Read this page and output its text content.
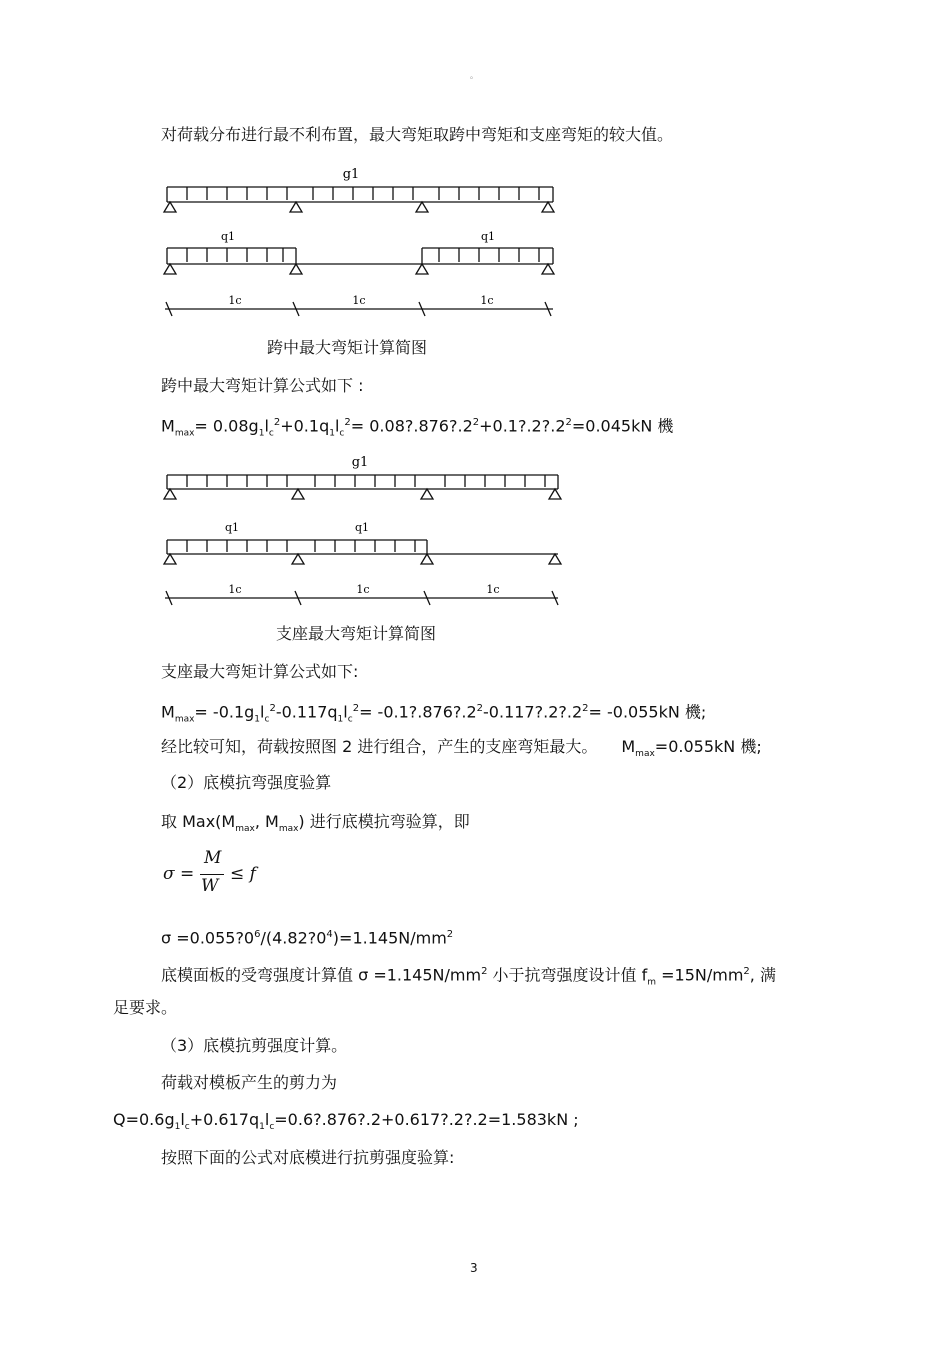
。
对荷载分布进行最不利布置，最大弯矩取跨中弯矩和支座弯矩的较大值。
g1
q1	q1
1c	1c	1c
跨中最大弯矩计算简图
跨中最大弯矩计算公式如下 :
$M_{max}= 0.08g_1l_c^2+0.1q_1l_c^2=$ $0.08?.876?.2^2+0.1?.2?.2^2=0.045kN$ 機
g1
q1	q1
1c	1c	1c
支座最大弯矩计算简图
支座最大弯矩计算公式如下:
$M_{max}= -0.1g_1l_c^2-0.117q_1l_c^2=$ $-0.1?.876?.2^2-0.117?.2?.2^2= -0.055kN$ 機;
经比较可知，荷载按照图 2 进行组合，产生的支座弯矩最大。 $M_{max}=0.055kN$ 機;
（2）底模抗弯强度验算
取 $Max(M_{max}$, $M_{max}$) 进行底模抗弯验算，即
σ =
M
W
≤ f
$\sigma =0.055?0^6/(4.82?0^4)=1.145N/mm^2$
底模面板的受弯强度计算值 $\sigma =1.145N/mm^2$ 小于抗弯强度设计值 $f_m =15N/mm^2$, 满
足要求。
（3）底模抗剪强度计算。
荷载对模板产生的剪力为
$Q=0.6g_1l_c+0.617q_1l_c=0.6?.876?.2+0.617?.2?.2=1.583kN$ ;
按照下面的公式对底模进行抗剪强度验算:
3
